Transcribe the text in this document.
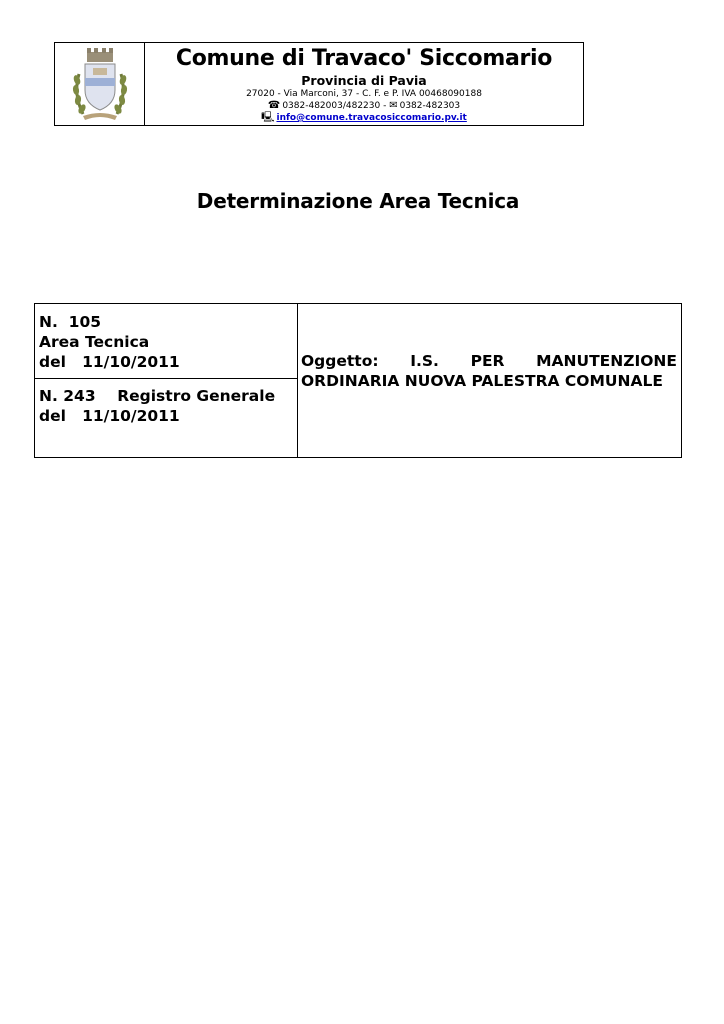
Comune di Travaco' Siccomario
Provincia di Pavia
27020 - Via Marconi, 37 - C. F. e P. IVA 00468090188
☎ 0382-482003/482230 - ✉ 0382-482303
🖳 info@comune.travacosiccomario.pv.it
Determinazione Area Tecnica
N.  105
Area Tecnica
del   11/10/2011
N. 243    Registro Generale
del   11/10/2011
Oggetto: I.S. PER MANUTENZIONE
ORDINARIA NUOVA PALESTRA COMUNALE
